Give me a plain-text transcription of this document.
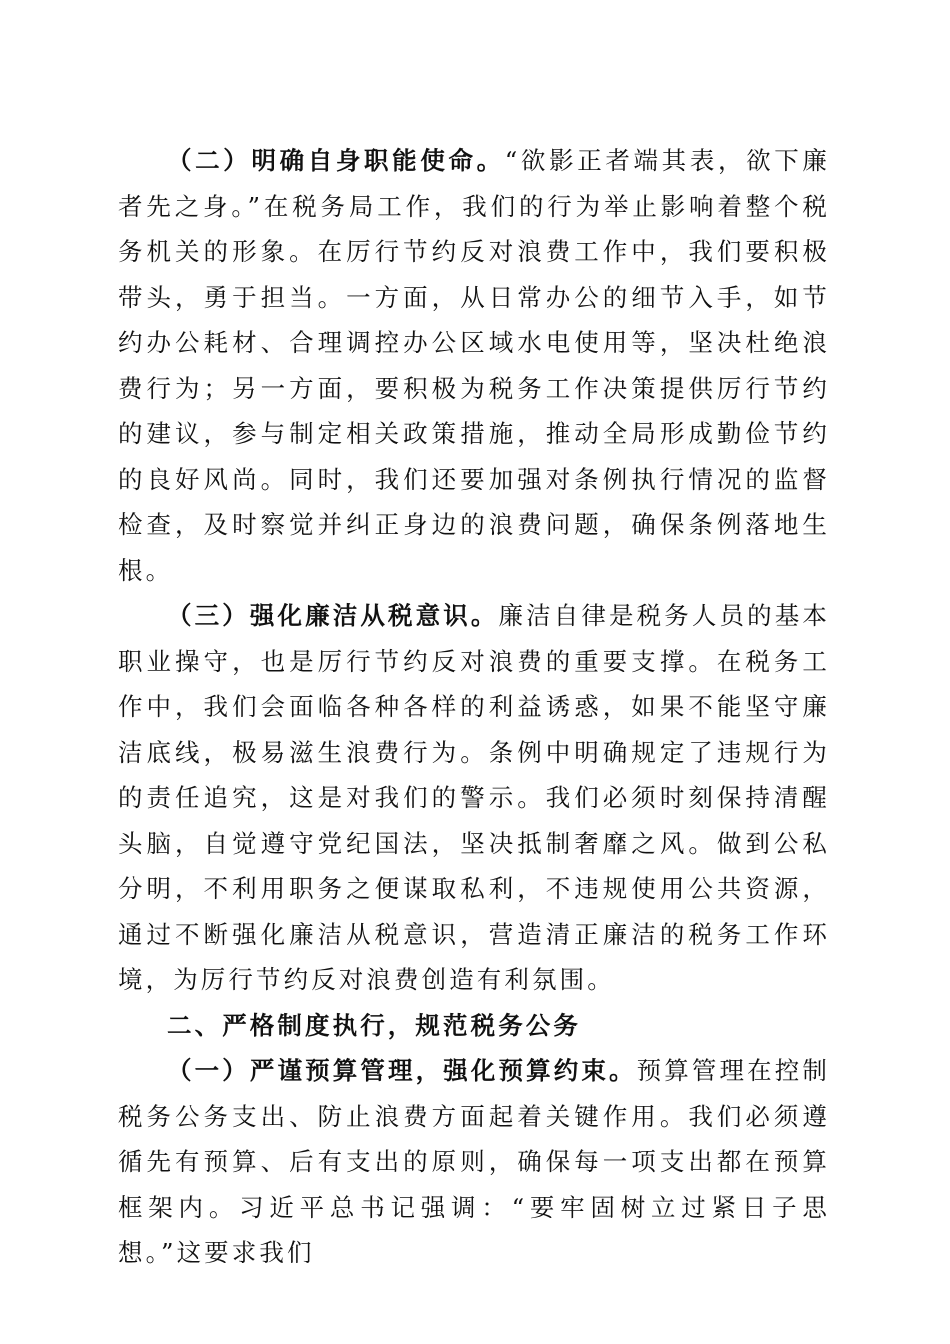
（二）明确自身职能使命。“欲影正者端其表，欲下廉者先之身。”在税务局工作，我们的行为举止影响着整个税务机关的形象。在厉行节约反对浪费工作中，我们要积极带头，勇于担当。一方面，从日常办公的细节入手，如节约办公耗材、合理调控办公区域水电使用等，坚决杜绝浪费行为；另一方面，要积极为税务工作决策提供厉行节约的建议，参与制定相关政策措施，推动全局形成勤俭节约的良好风尚。同时，我们还要加强对条例执行情况的监督检查，及时察觉并纠正身边的浪费问题，确保条例落地生根。

（三）强化廉洁从税意识。廉洁自律是税务人员的基本职业操守，也是厉行节约反对浪费的重要支撑。在税务工作中，我们会面临各种各样的利益诱惑，如果不能坚守廉洁底线，极易滋生浪费行为。条例中明确规定了违规行为的责任追究，这是对我们的警示。我们必须时刻保持清醒头脑，自觉遵守党纪国法，坚决抵制奢靡之风。做到公私分明，不利用职务之便谋取私利，不违规使用公共资源，通过不断强化廉洁从税意识，营造清正廉洁的税务工作环境，为厉行节约反对浪费创造有利氛围。

二、严格制度执行，规范税务公务

（一）严谨预算管理，强化预算约束。预算管理在控制税务公务支出、防止浪费方面起着关键作用。我们必须遵循先有预算、后有支出的原则，确保每一项支出都在预算框架内。习近平总书记强调：“要牢固树立过紧日子思想。”这要求我们
